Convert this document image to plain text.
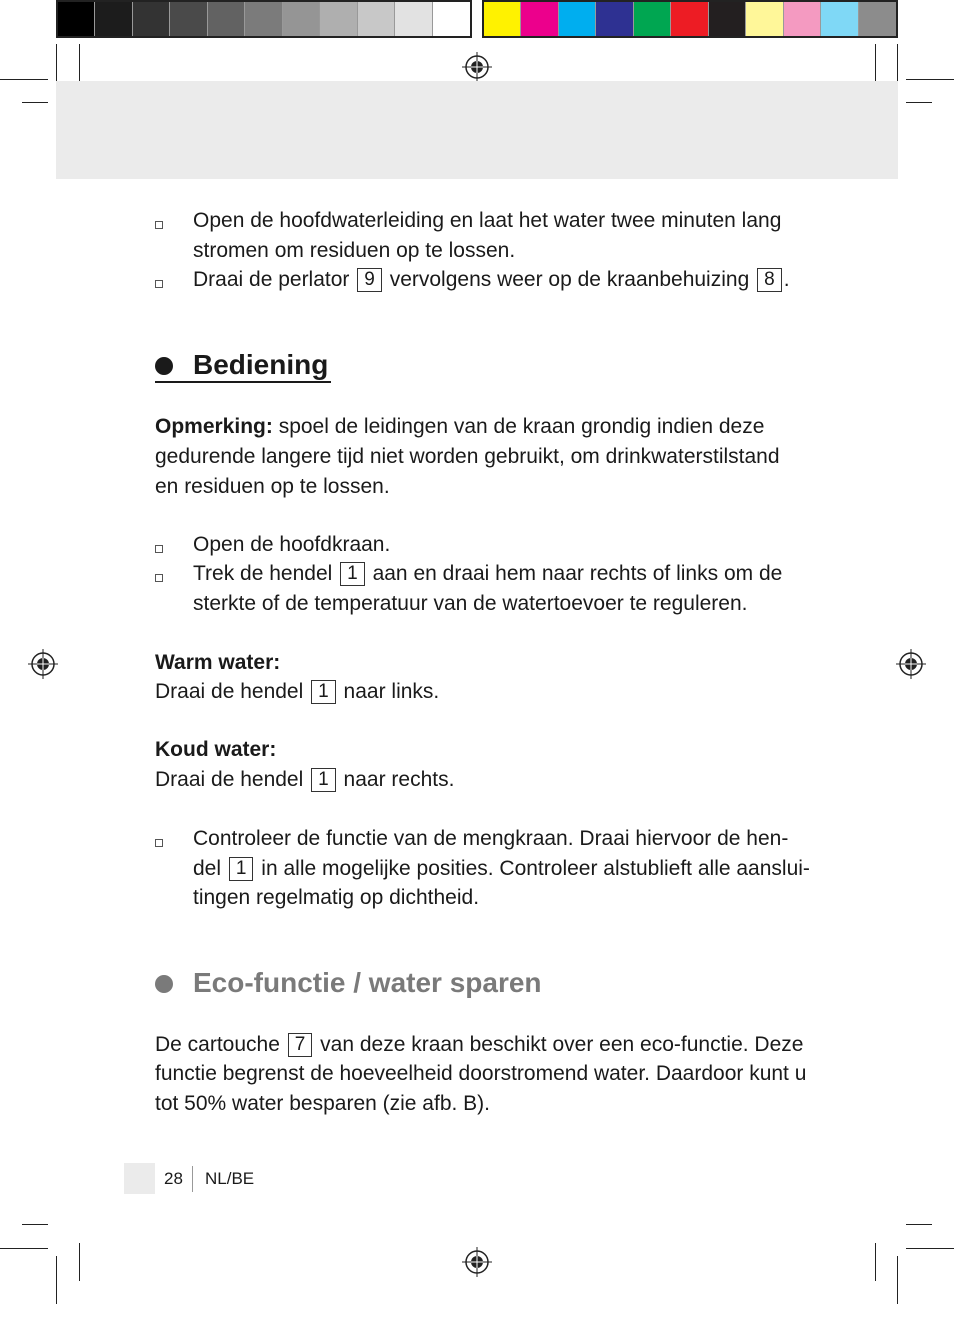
Open de hoofdwaterleiding en laat het water twee minuten lang
stromen om residuen op te lossen.
Draai de perlator 9 vervolgens weer op de kraanbehuizing 8 .
Bediening
Opmerking: spoel de leidingen van de kraan grondig indien deze
gedurende langere tijd niet worden gebruikt, om drinkwaterstilstand
en residuen op te lossen.
Open de hoofdkraan.
Trek de hendel 1 aan en draai hem naar rechts of links om de
sterkte of de temperatuur van de watertoevoer te reguleren.
Warm water:
Draai de hendel 1 naar links.
Koud water:
Draai de hendel 1 naar rechts.
Controleer de functie van de mengkraan. Draai hiervoor de hen-
del 1 in alle mogelijke posities. Controleer alstublieft alle aanslui-
tingen regelmatig op dichtheid.
Eco-functie / water sparen
De cartouche 7 van deze kraan beschikt over een eco-functie. Deze
functie begrenst de hoeveelheid doorstromend water. Daardoor kunt u
tot 50% water besparen (zie afb. B).
28 NL/BE
